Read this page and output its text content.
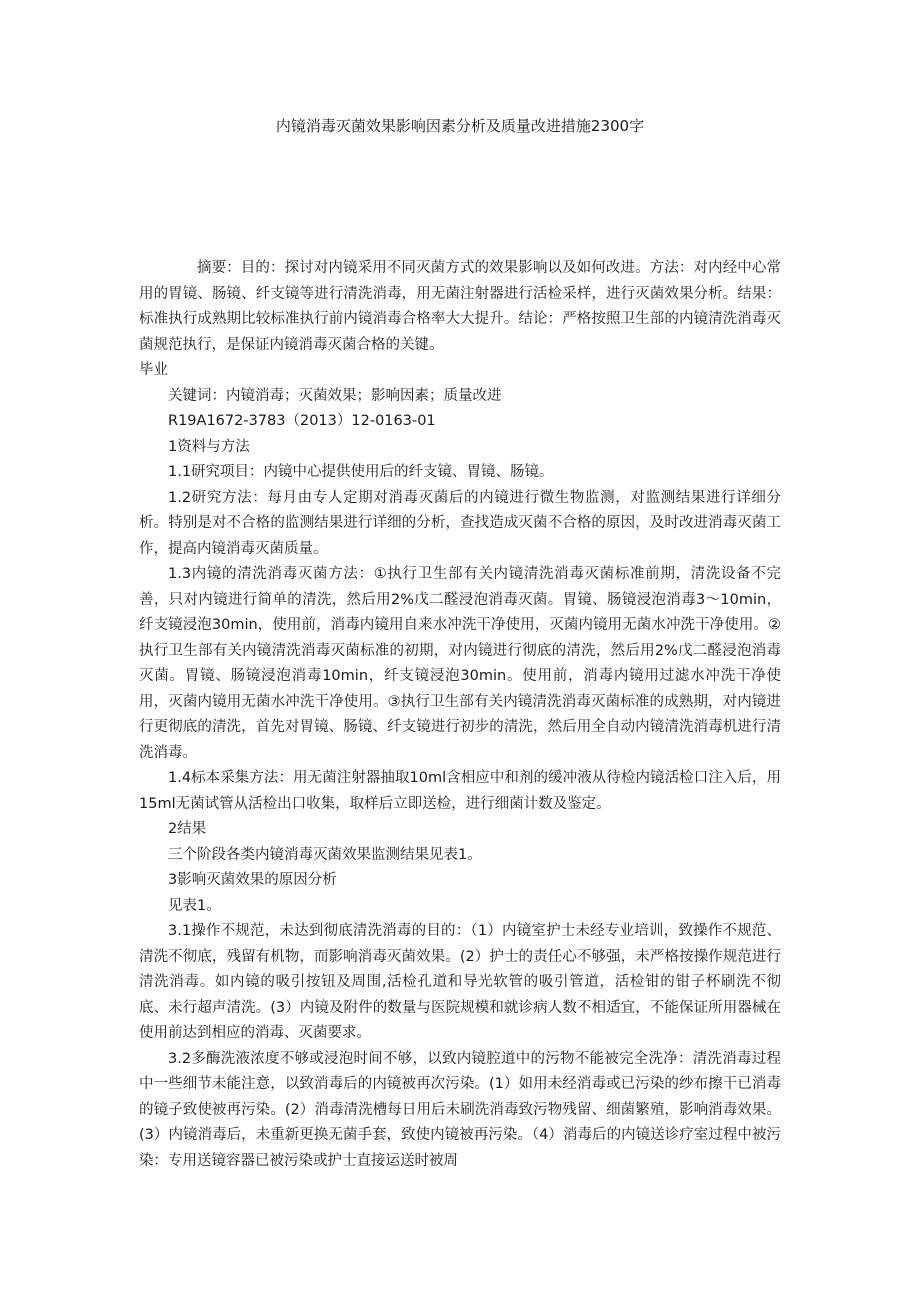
内镜消毒灭菌效果影响因素分析及质量改进措施2300字

摘要：目的：探讨对内镜采用不同灭菌方式的效果影响以及如何改进。方法：对内经中心常用的胃镜、肠镜、纤支镜等进行清洗消毒，用无菌注射器进行活检采样，进行灭菌效果分析。结果：标准执行成熟期比较标准执行前内镜消毒合格率大大提升。结论：严格按照卫生部的内镜清洗消毒灭菌规范执行，是保证内镜消毒灭菌合格的关键。

毕业

关键词：内镜消毒；灭菌效果；影响因素；质量改进

R19A1672-3783（2013）12-0163-01

1资料与方法

1.1研究项目：内镜中心提供使用后的纤支镜、胃镜、肠镜。

1.2研究方法：每月由专人定期对消毒灭菌后的内镜进行微生物监测，对监测结果进行详细分析。特别是对不合格的监测结果进行详细的分析，查找造成灭菌不合格的原因，及时改进消毒灭菌工作，提高内镜消毒灭菌质量。

1.3内镜的清洗消毒灭菌方法：①执行卫生部有关内镜清洗消毒灭菌标准前期，清洗设备不完善，只对内镜进行简单的清洗，然后用2%戊二醛浸泡消毒灭菌。胃镜、肠镜浸泡消毒3～10min，纤支镜浸泡30min，使用前，消毒内镜用自来水冲洗干净使用，灭菌内镜用无菌水冲洗干净使用。②执行卫生部有关内镜清洗消毒灭菌标准的初期，对内镜进行彻底的清洗，然后用2%戊二醛浸泡消毒灭菌。胃镜、肠镜浸泡消毒10min，纤支镜浸泡30min。使用前，消毒内镜用过滤水冲洗干净使用，灭菌内镜用无菌水冲洗干净使用。③执行卫生部有关内镜清洗消毒灭菌标准的成熟期，对内镜进行更彻底的清洗，首先对胃镜、肠镜、纤支镜进行初步的清洗，然后用全自动内镜清洗消毒机进行清洗消毒。

1.4标本采集方法：用无菌注射器抽取10ml含相应中和剂的缓冲液从待检内镜活检口注入后，用15ml无菌试管从活检出口收集，取样后立即送检，进行细菌计数及鉴定。

2结果

三个阶段各类内镜消毒灭菌效果监测结果见表1。

3影响灭菌效果的原因分析

见表1。

3.1操作不规范，未达到彻底清洗消毒的目的：（1）内镜室护士未经专业培训，致操作不规范、清洗不彻底，残留有机物，而影响消毒灭菌效果。(2）护士的责任心不够强，未严格按操作规范进行清洗消毒。如内镜的吸引按钮及周围,活检孔道和导光软管的吸引管道，活检钳的钳子杯刷洗不彻底、未行超声清洗。(3）内镜及附件的数量与医院规模和就诊病人数不相适宜，不能保证所用器械在使用前达到相应的消毒、灭菌要求。

3.2多酶洗液浓度不够或浸泡时间不够，以致内镜腔道中的污物不能被完全洗净：清洗消毒过程中一些细节未能注意，以致消毒后的内镜被再次污染。(1）如用未经消毒或已污染的纱布擦干已消毒的镜子致使被再污染。(2）消毒清洗槽每日用后未刷洗消毒致污物残留、细菌繁殖，影响消毒效果。(3）内镜消毒后，未重新更换无菌手套，致使内镜被再污染。（4）消毒后的内镜送诊疗室过程中被污染：专用送镜容器已被污染或护士直接运送时被周
